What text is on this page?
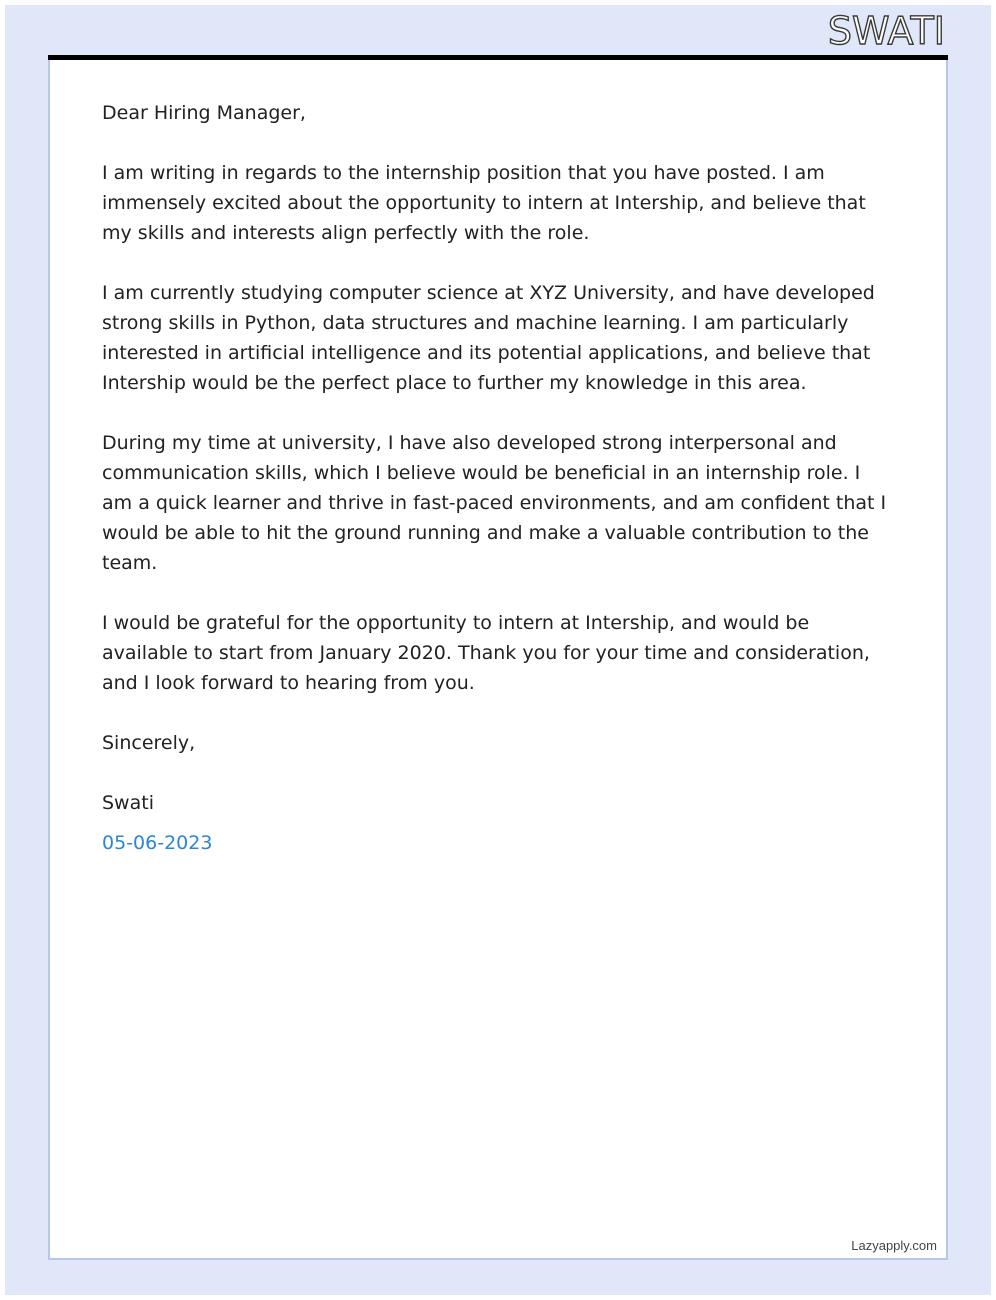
SWATI

Dear Hiring Manager,

I am writing in regards to the internship position that you have posted. I am immensely excited about the opportunity to intern at Intership, and believe that my skills and interests align perfectly with the role.

I am currently studying computer science at XYZ University, and have developed strong skills in Python, data structures and machine learning. I am particularly interested in artificial intelligence and its potential applications, and believe that Intership would be the perfect place to further my knowledge in this area.

During my time at university, I have also developed strong interpersonal and communication skills, which I believe would be beneficial in an internship role. I am a quick learner and thrive in fast-paced environments, and am confident that I would be able to hit the ground running and make a valuable contribution to the team.

I would be grateful for the opportunity to intern at Intership, and would be available to start from January 2020. Thank you for your time and consideration, and I look forward to hearing from you.

Sincerely,

Swati

05-06-2023

Lazyapply.com
